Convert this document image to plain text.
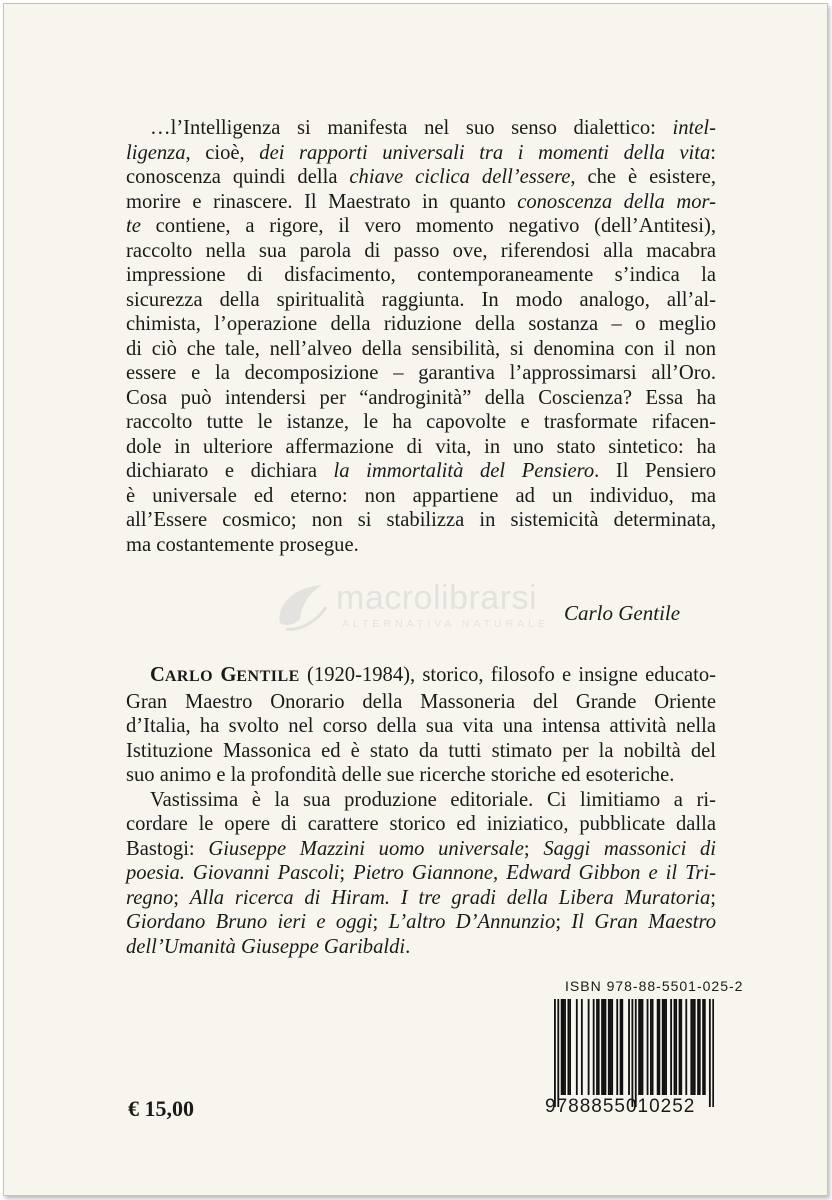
…l’Intelligenza si manifesta nel suo senso dialettico: intel-
ligenza, cioè, dei rapporti universali tra i momenti della vita:
conoscenza quindi della chiave ciclica dell’essere, che è esistere,
morire e rinascere. Il Maestrato in quanto conoscenza della mor-
te contiene, a rigore, il vero momento negativo (dell’Antitesi),
raccolto nella sua parola di passo ove, riferendosi alla macabra
impressione di disfacimento, contemporaneamente s’indica la
sicurezza della spiritualità raggiunta. In modo analogo, all’al-
chimista, l’operazione della riduzione della sostanza – o meglio
di ciò che tale, nell’alveo della sensibilità, si denomina con il non
essere e la decomposizione – garantiva l’approssimarsi all’Oro.
Cosa può intendersi per “androginità” della Coscienza? Essa ha
raccolto tutte le istanze, le ha capovolte e trasformate rifacen-
dole in ulteriore affermazione di vita, in uno stato sintetico: ha
dichiarato e dichiara la immortalità del Pensiero. Il Pensiero
è universale ed eterno: non appartiene ad un individuo, ma
all’Essere cosmico; non si stabilizza in sistemicità determinata,
ma costantemente prosegue.

macrolibrarsi
ALTERNATIVA NATURALE Carlo Gentile

CARLO GENTILE (1920-1984), storico, filosofo e insigne educato-
Gran Maestro Onorario della Massoneria del Grande Oriente
d’Italia, ha svolto nel corso della sua vita una intensa attività nella
Istituzione Massonica ed è stato da tutti stimato per la nobiltà del
suo animo e la profondità delle sue ricerche storiche ed esoteriche.

Vastissima è la sua produzione editoriale. Ci limitiamo a ri-
cordare le opere di carattere storico ed iniziatico, pubblicate dalla
Bastogi: Giuseppe Mazzini uomo universale; Saggi massonici di
poesia. Giovanni Pascoli; Pietro Giannone, Edward Gibbon e il Tri-
regno; Alla ricerca di Hiram. I tre gradi della Libera Muratoria;
Giordano Bruno ieri e oggi; L’altro D’Annunzio; Il Gran Maestro
dell’Umanità Giuseppe Garibaldi.

ISBN 978-88-5501-025-2
9788855010252
€ 15,00
